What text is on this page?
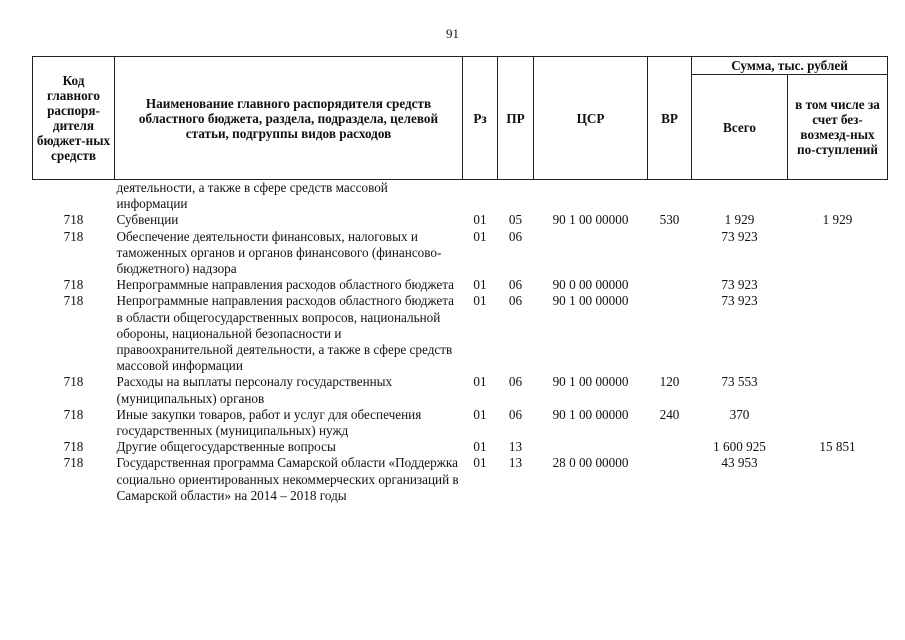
91
Код главного распоря-дителя бюджет-ных средств	Наименование главного распорядителя средств областного бюджета, раздела, подраздела, целевой статьи, подгруппы видов расходов	Рз	ПР	ЦСР	ВР	Сумма, тыс. рублей	
						Всего	в том числе за счет без-возмезд-ных по-ступлений
	деятельности, а также в сфере средств массовой информации						
718	Субвенции	01	05	90 1 00 00000	530	1 929	1 929
718	Обеспечение деятельности финансовых, налоговых и таможенных органов и органов финансового (финансово-бюджетного) надзора	01	06			73 923	
718	Непрограммные направления расходов областного бюджета	01	06	90 0 00 00000		73 923	
718	Непрограммные направления расходов областного бюджета в области общегосударственных вопросов, национальной обороны, национальной безопасности и правоохранительной деятельности, а также в сфере средств массовой информации	01	06	90 1 00 00000		73 923	
718	Расходы на выплаты персоналу государственных (муниципальных) органов	01	06	90 1 00 00000	120	73 553	
718	Иные закупки товаров, работ и услуг для обеспечения государственных (муниципальных) нужд	01	06	90 1 00 00000	240	370	
718	Другие общегосударственные вопросы	01	13			1 600 925	15 851
718	Государственная программа Самарской области «Поддержка социально ориентированных некоммерческих организаций в Самарской области» на 2014 – 2018 годы	01	13	28 0 00 00000		43 953	
